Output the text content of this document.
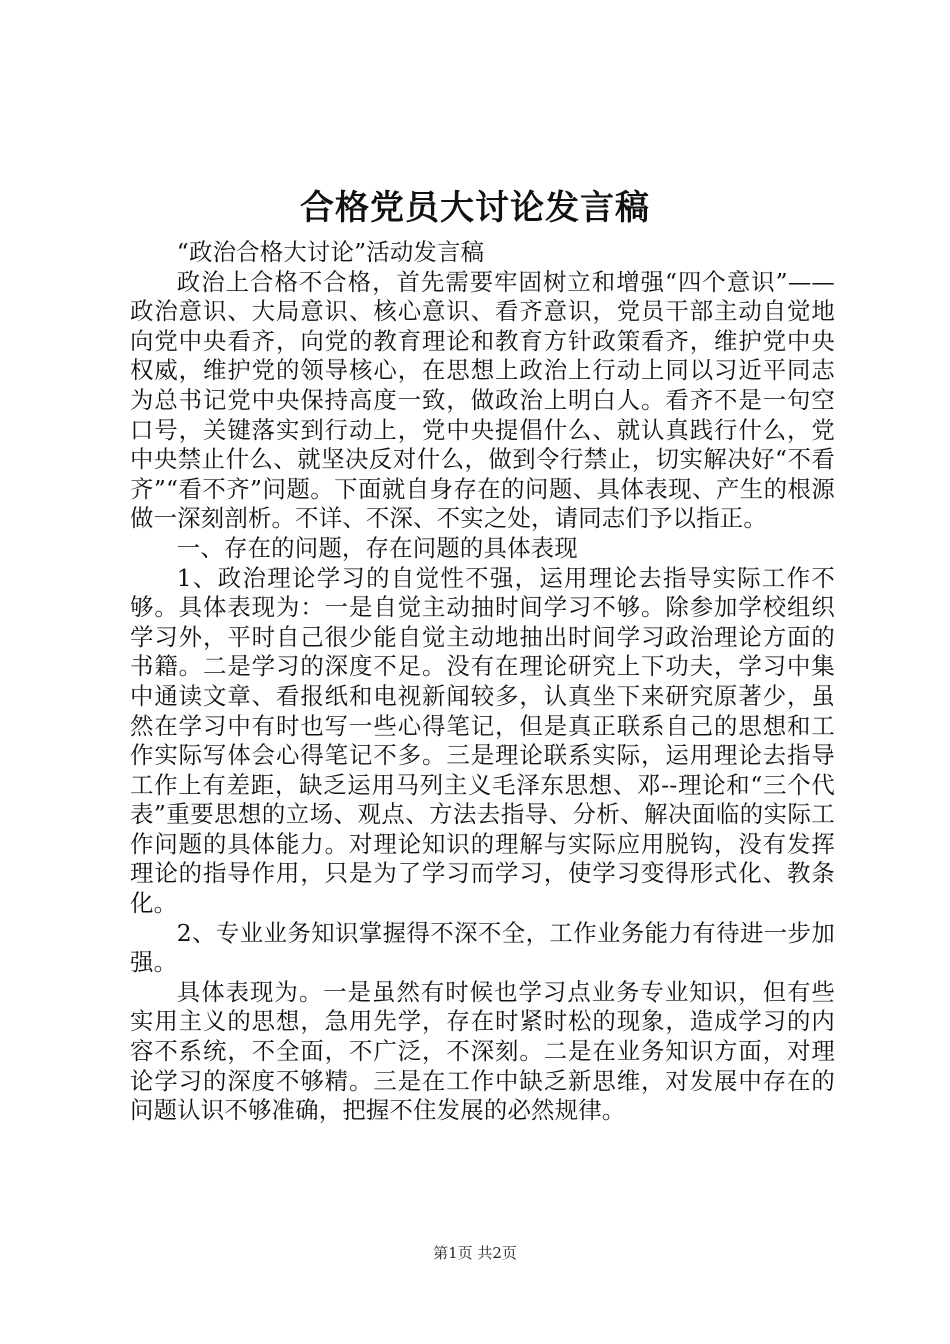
合格党员大讨论发言稿

“政治合格大讨论”活动发言稿

政治上合格不合格，首先需要牢固树立和增强“四个意识”——政治意识、大局意识、核心意识、看齐意识，党员干部主动自觉地向党中央看齐，向党的教育理论和教育方针政策看齐，维护党中央权威，维护党的领导核心，在思想上政治上行动上同以习近平同志为总书记党中央保持高度一致，做政治上明白人。看齐不是一句空口号，关键落实到行动上，党中央提倡什么、就认真践行什么，党中央禁止什么、就坚决反对什么，做到令行禁止，切实解决好“不看齐”“看不齐”问题。下面就自身存在的问题、具体表现、产生的根源做一深刻剖析。不详、不深、不实之处，请同志们予以指正。

一、存在的问题，存在问题的具体表现

1、政治理论学习的自觉性不强，运用理论去指导实际工作不够。具体表现为：一是自觉主动抽时间学习不够。除参加学校组织学习外，平时自己很少能自觉主动地抽出时间学习政治理论方面的书籍。二是学习的深度不足。没有在理论研究上下功夫，学习中集中通读文章、看报纸和电视新闻较多，认真坐下来研究原著少，虽然在学习中有时也写一些心得笔记，但是真正联系自己的思想和工作实际写体会心得笔记不多。三是理论联系实际，运用理论去指导工作上有差距，缺乏运用马列主义毛泽东思想、邓--理论和“三个代表”重要思想的立场、观点、方法去指导、分析、解决面临的实际工作问题的具体能力。对理论知识的理解与实际应用脱钩，没有发挥理论的指导作用，只是为了学习而学习，使学习变得形式化、教条化。

2、专业业务知识掌握得不深不全，工作业务能力有待进一步加强。

具体表现为。一是虽然有时候也学习点业务专业知识，但有些实用主义的思想，急用先学，存在时紧时松的现象，造成学习的内容不系统，不全面，不广泛，不深刻。二是在业务知识方面，对理论学习的深度不够精。三是在工作中缺乏新思维，对发展中存在的问题认识不够准确，把握不住发展的必然规律。

第1页 共2页
